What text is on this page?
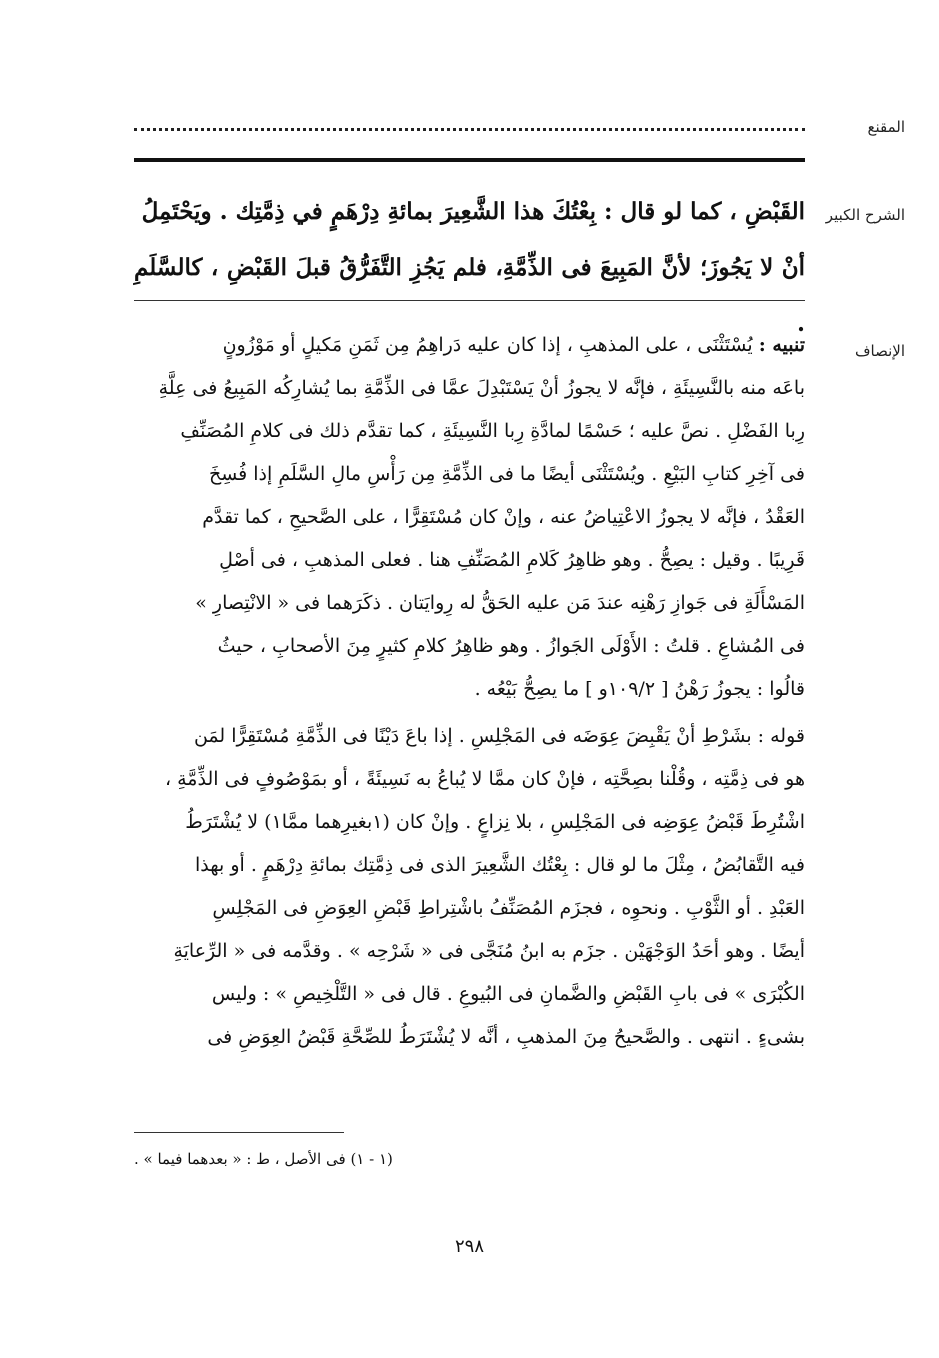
المقنع
الشرح الكبير

القَبْضِ ، كما لو قال : بِعْتُكَ هذا الشَّعِيرَ بمائةِ دِرْهَمٍ في ذِمَّتِك . ويَحْتَمِلُ

أنْ لا يَجُوزَ؛ لأنَّ المَبِيعَ فى الذِّمَّةِ، فلم يَجُزِ التَّفَرُّقُ قبلَ القَبْضِ ، كالسَّلَمِ .

الإنصاف

تنبيه : يُسْتَثْنَى ، على المذهبِ ، إذا كان عليه دَراهِمُ مِن ثَمَنِ مَكيلٍ أو مَوْزُونٍ

باعَه منه بالنَّسِيئَةِ ، فإنَّه لا يجوزُ أنْ يَسْتَبْدِلَ عمَّا فى الذِّمَّةِ بما يُشارِكُه المَبِيعُ فى عِلَّةِ

رِبا الفَضْلِ . نصَّ عليه ؛ حَسْمًا لمادَّةِ رِبا النَّسِيئَةِ ، كما تقدَّم ذلك فى كلامِ المُصَنِّفِ

فى آخِرِ كتابِ البَيْعِ . ويُسْتَثْنَى أيضًا ما فى الذِّمَّةِ مِن رَأْسِ مالِ السَّلَمِ إذا فُسِخَ

العَقْدُ ، فإنَّه لا يجوزُ الاعْتِياضُ عنه ، وإنْ كان مُسْتَقِرًّا ، على الصَّحيحِ ، كما تقدَّم

قَرِيبًا . وقيل : يصِحُّ . وهو ظاهِرُ كَلامِ المُصَنِّفِ هنا . فعلى المذهبِ ، فى أصْلِ

المَسْأَلَةِ فى جَوازِ رَهْنِه عندَ مَن عليه الحَقُّ له رِوايَتان . ذكَرَهما فى « الانْتِصارِ »

فى المُشاعِ . قلتُ : الأَوْلَى الجَوازُ . وهو ظاهِرُ كلامِ كثيرٍ مِنَ الأصحابِ ، حيثُ

قالُوا : يجوزُ رَهْنُ [ ١٠٩/٢و ] ما يصِحُّ بَيْعُه .

قوله : بشَرْطِ أنْ يَقْبِضَ عِوَضَه فى المَجْلِسِ . إذا باعَ دَيْنًا فى الذِّمَّةِ مُسْتَقِرًّا لمَن

هو فى ذِمَّتِه ، وقُلْنا بصِحَّتِه ، فإنْ كان ممَّا لا يُباعُ به نَسِيئَةً ، أو بمَوْصُوفٍ فى الذِّمَّةِ ،

اشْتُرِطَ قَبْضُ عِوَضِه فى المَجْلِسِ ، بلا نِزاعٍ . وإنْ كان (١بغيرِهما ممَّا١) لا يُشْتَرَطُ

فيه التَّقابُضُ ، مِثْلَ ما لو قال : بِعْتُك الشَّعِيرَ الذى فى ذِمَّتِك بمائةِ دِرْهَمٍ . أو بهذا

العَبْدِ . أو الثَّوْبِ . ونحوِه ، فجزَم المُصَنِّفُ باشْتِراطِ قَبْضِ العِوَضِ فى المَجْلِسِ

أيضًا . وهو أحَدُ الوَجْهَيْن . جزَم به ابنُ مُنَجَّى فى « شَرْحِه » . وقدَّمه فى « الرِّعايَةِ

الكُبْرَى » فى بابِ القَبْضِ والضَّمانِ فى البُيوعِ . قال فى « التَّلْخِيصِ » : وليس

بشىءٍ . انتهى . والصَّحيحُ مِنَ المذهبِ ، أنَّه لا يُشْتَرَطُ للصِّحَّةِ قَبْضُ العِوَضِ فى

(١ - ١) فى الأصل ، ط : « بعدهما فيما » .
٢٩٨
